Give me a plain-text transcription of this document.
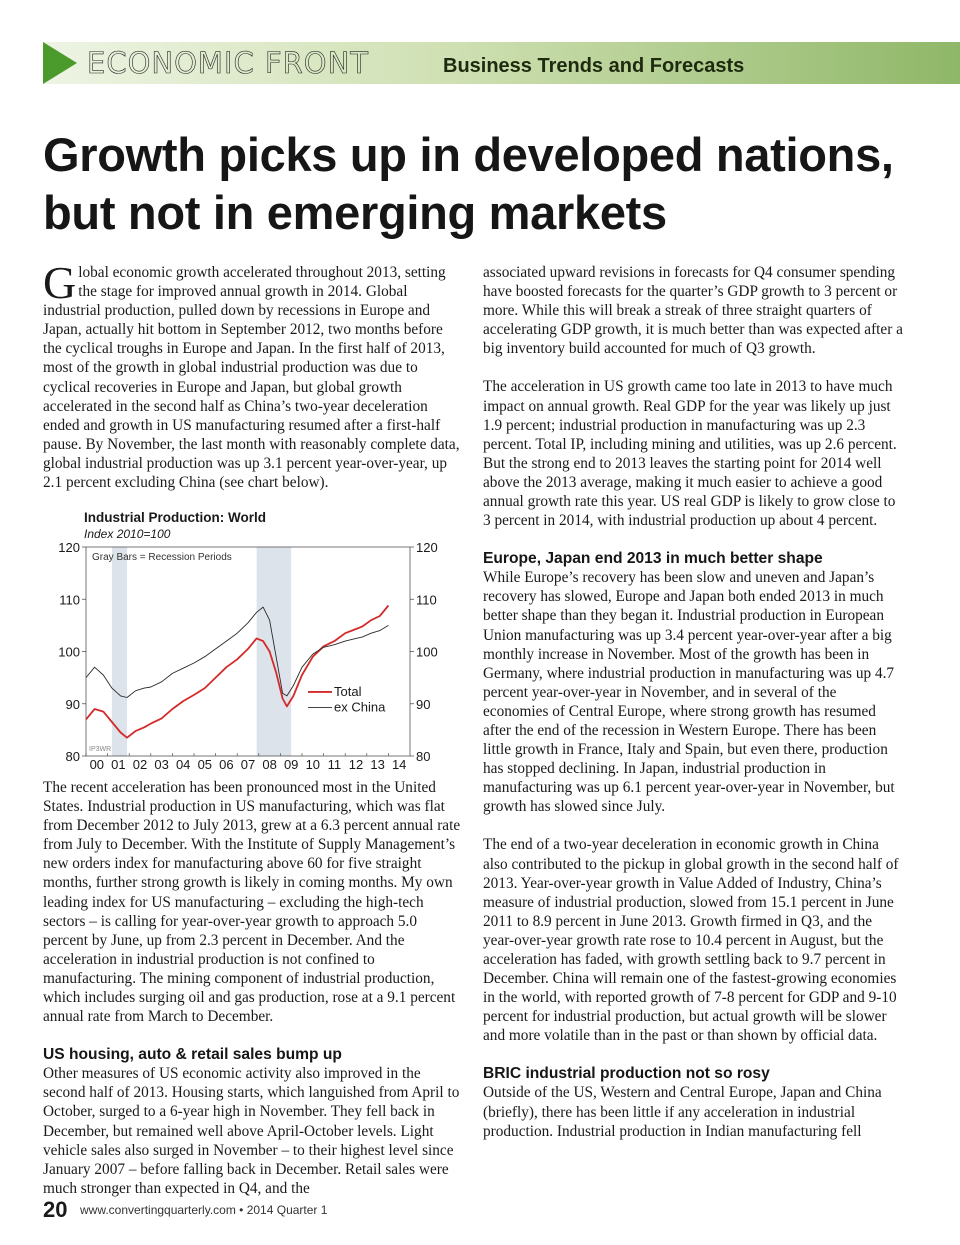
ECONOMIC FRONT	Business Trends and Forecasts
Growth picks up in developed nations, but not in emerging markets

Global economic growth accelerated throughout 2013, setting the stage for improved annual growth in 2014. Global industrial production, pulled down by recessions in Europe and Japan, actually hit bottom in September 2012, two months before the cyclical troughs in Europe and Japan. In the first half of 2013, most of the growth in global industrial production was due to cyclical recoveries in Europe and Japan, but global growth accelerated in the second half as China’s two-year deceleration ended and growth in US manufacturing resumed after a first-half pause. By November, the last month with reasonably complete data, global industrial production was up 3.1 percent year-over-year, up 2.1 percent excluding China (see chart below).

Industrial Production: World
Index 2010=100
80	80
90	90
100	100
110	110
120	120
00 01 02 03 04 05 06 07 08 09 10 11 12 13 14
Gray Bars = Recession Periods
Total
ex China
IP3WR

The recent acceleration has been pronounced most in the United States. Industrial production in US manufacturing, which was flat from December 2012 to July 2013, grew at a 6.3 percent annual rate from July to December. With the Institute of Supply Management’s new orders index for manufacturing above 60 for five straight months, further strong growth is likely in coming months. My own leading index for US manufacturing – excluding the high-tech sectors – is calling for year-over-year growth to approach 5.0 percent by June, up from 2.3 percent in December. And the acceleration in industrial production is not confined to manufacturing. The mining component of industrial production, which includes surging oil and gas production, rose at a 9.1 percent annual rate from March to December.

US housing, auto & retail sales bump up

Other measures of US economic activity also improved in the second half of 2013. Housing starts, which languished from April to October, surged to a 6-year high in November. They fell back in December, but remained well above April-October levels. Light vehicle sales also surged in November – to their highest level since January 2007 – before falling back in December. Retail sales were much stronger than expected in Q4, and the

associated upward revisions in forecasts for Q4 consumer spending have boosted forecasts for the quarter’s GDP growth to 3 percent or more. While this will break a streak of three straight quarters of accelerating GDP growth, it is much better than was expected after a big inventory build accounted for much of Q3 growth.

The acceleration in US growth came too late in 2013 to have much impact on annual growth. Real GDP for the year was likely up just 1.9 percent; industrial production in manufacturing was up 2.3 percent. Total IP, including mining and utilities, was up 2.6 percent. But the strong end to 2013 leaves the starting point for 2014 well above the 2013 average, making it much easier to achieve a good annual growth rate this year. US real GDP is likely to grow close to 3 percent in 2014, with industrial production up about 4 percent.

Europe, Japan end 2013 in much better shape

While Europe’s recovery has been slow and uneven and Japan’s recovery has slowed, Europe and Japan both ended 2013 in much better shape than they began it. Industrial production in European Union manufacturing was up 3.4 percent year-over-year after a big monthly increase in November. Most of the growth has been in Germany, where industrial production in manufacturing was up 4.7 percent year-over-year in November, and in several of the economies of Central Europe, where strong growth has resumed after the end of the recession in Western Europe. There has been little growth in France, Italy and Spain, but even there, production has stopped declining. In Japan, industrial production in manufacturing was up 6.1 percent year-over-year in November, but growth has slowed since July.

The end of a two-year deceleration in economic growth in China also contributed to the pickup in global growth in the second half of 2013. Year-over-year growth in Value Added of Industry, China’s measure of industrial production, slowed from 15.1 percent in June 2011 to 8.9 percent in June 2013. Growth firmed in Q3, and the year-over-year growth rate rose to 10.4 percent in August, but the acceleration has faded, with growth settling back to 9.7 percent in December. China will remain one of the fastest-growing economies in the world, with reported growth of 7-8 percent for GDP and 9-10 percent for industrial production, but actual growth will be slower and more volatile than in the past or than shown by official data.

BRIC industrial production not so rosy

Outside of the US, Western and Central Europe, Japan and China (briefly), there has been little if any acceleration in industrial production. Industrial production in Indian manufacturing fell

20 www.convertingquarterly.com • 2014 Quarter 1
